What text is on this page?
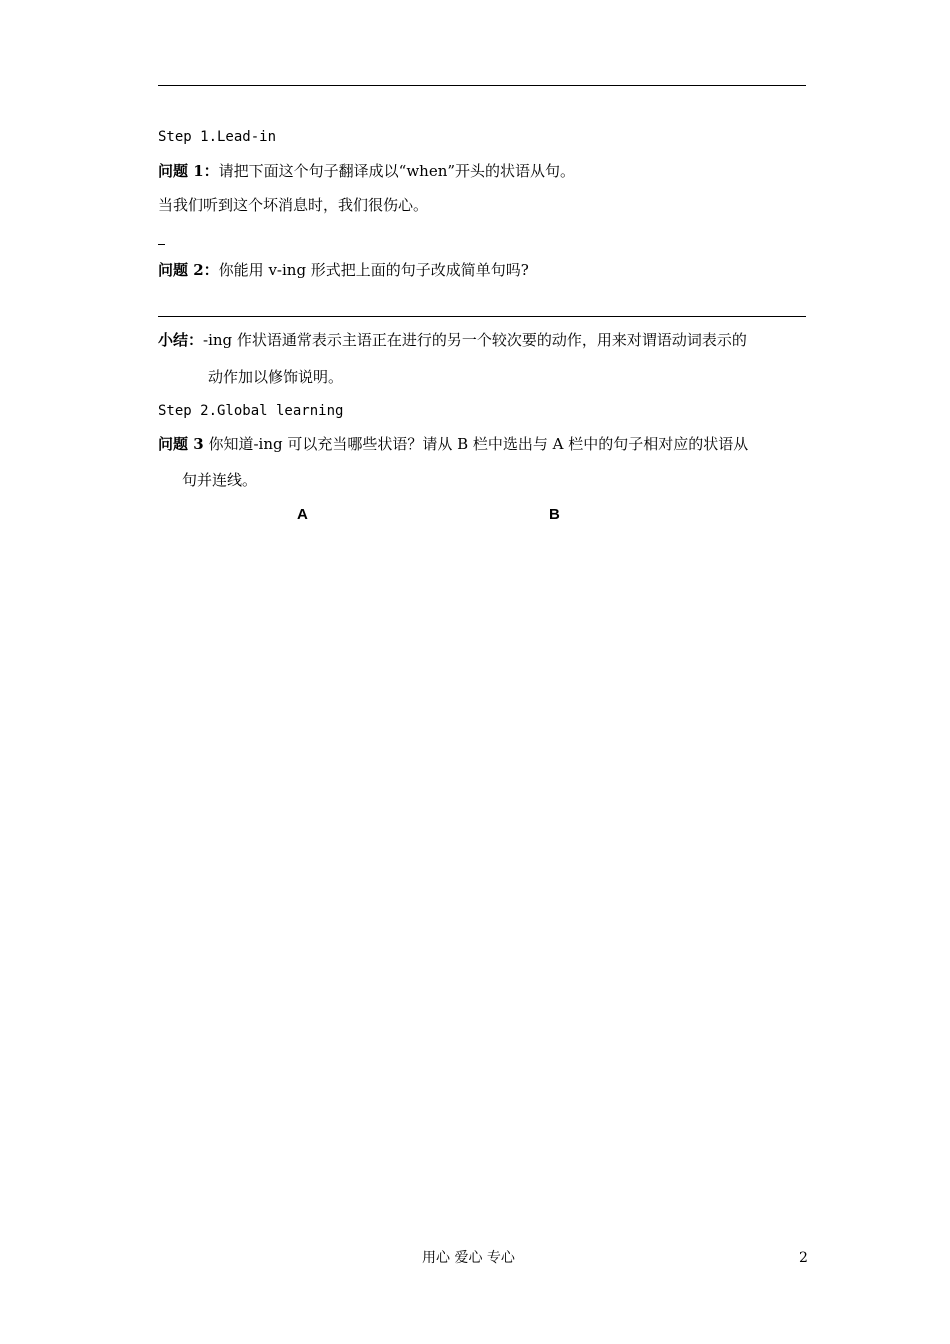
Step 1.Lead-in
问题 1：请把下面这个句子翻译成以“when”开头的状语从句。
当我们听到这个坏消息时，我们很伤心。
问题 2：你能用 v-ing 形式把上面的句子改成简单句吗?
小结：-ing 作状语通常表示主语正在进行的另一个较次要的动作，用来对谓语动词表示的
动作加以修饰说明。
Step 2.Global learning
问题 3 你知道-ing 可以充当哪些状语？请从 B 栏中选出与 A 栏中的句子相对应的状语从
句并连线。
A	B
用心 爱心 专心	2
